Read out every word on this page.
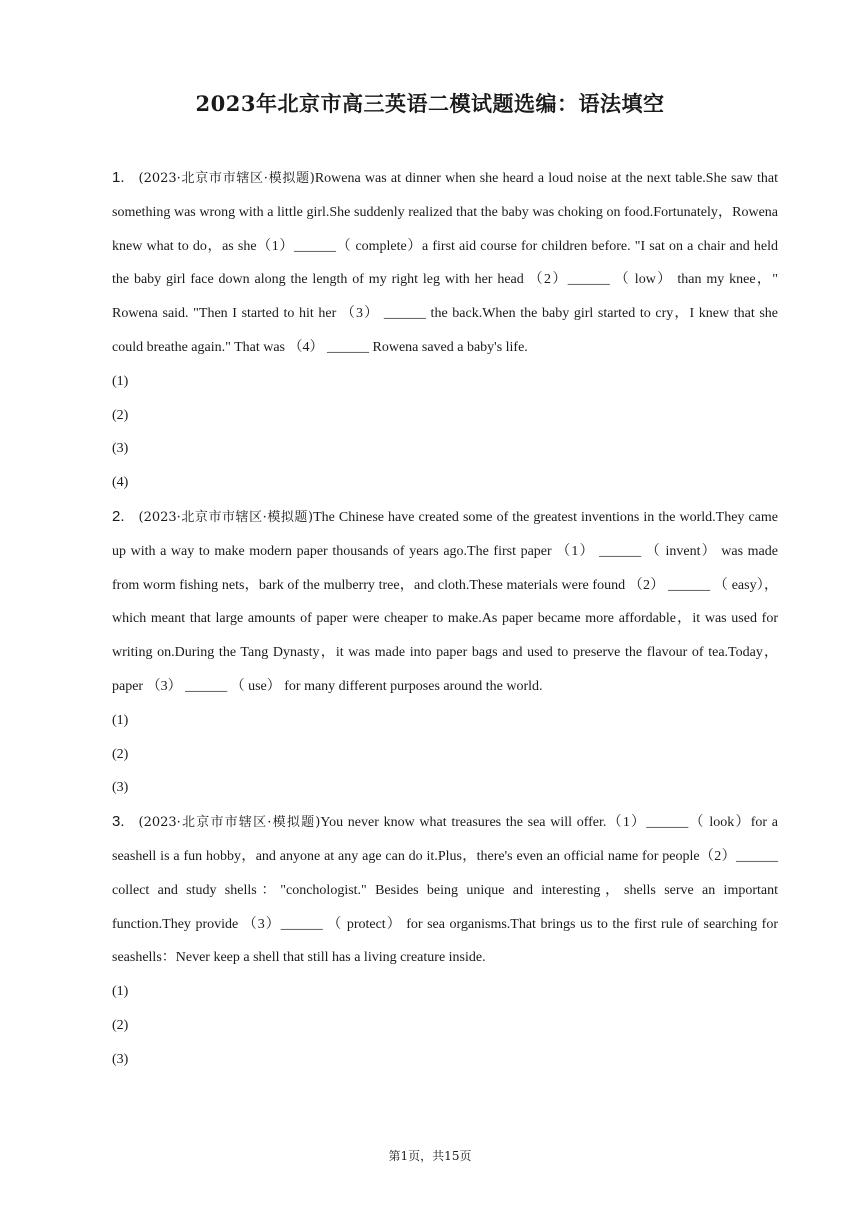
2023年北京市高三英语二模试题选编：语法填空

1. (2023·北京市市辖区·模拟题)Rowena was at dinner when she heard a loud noise at the next table.She saw that something was wrong with a little girl.She suddenly realized that the baby was choking on food.Fortunately，Rowena knew what to do，as she（1）______（ complete）a first aid course for children before. "I sat on a chair and held the baby girl face down along the length of my right leg with her head （2）______ （ low） than my knee，" Rowena said. "Then I started to hit her （3） ______ the back.When the baby girl started to cry，I knew that she could breathe again." That was （4） ______ Rowena saved a baby's life.

(1)

(2)

(3)

(4)

2. (2023·北京市市辖区·模拟题)The Chinese have created some of the greatest inventions in the world.They came up with a way to make modern paper thousands of years ago.The first paper （1） ______ （ invent） was made from worm fishing nets，bark of the mulberry tree，and cloth.These materials were found （2） ______ （ easy），which meant that large amounts of paper were cheaper to make.As paper became more affordable，it was used for writing on.During the Tang Dynasty，it was made into paper bags and used to preserve the flavour of tea.Today，paper （3） ______ （ use） for many different purposes around the world.

(1)

(2)

(3)

3. (2023·北京市市辖区·模拟题)You never know what treasures the sea will offer.（1）______（ look）for a seashell is a fun hobby，and anyone at any age can do it.Plus，there's even an official name for people（2）______ collect and study shells："conchologist." Besides being unique and interesting，shells serve an important function.They provide （3）______ （ protect） for sea organisms.That brings us to the first rule of searching for seashells：Never keep a shell that still has a living creature inside.

(1)

(2)

(3)

第1页，共15页
